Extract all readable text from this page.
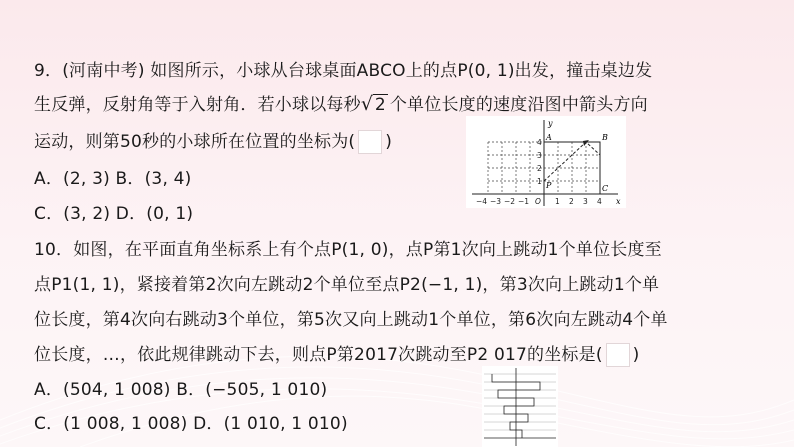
9．(河南中考) 如图所示，小球从台球桌面ABCO上的点P(0, 1)出发，撞击桌边发
生反弹，反射角等于入射角．若小球以每秒√ 2 个单位长度的速度沿图中箭头方向
运动，则第50秒的小球所在位置的坐标为( )
A．(2, 3) B．(3, 4)
C．(3, 2) D．(0, 1)
y
x
A	B
C
P
−4 −3 −2 −1 O 1 2 3 4
1
2
3
4
10．如图，在平面直角坐标系上有个点P(1, 0)，点P第1次向上跳动1个单位长度至
点P1(1, 1)，紧接着第2次向左跳动2个单位至点P2(−1, 1)，第3次向上跳动1个单
位长度，第4次向右跳动3个单位，第5次又向上跳动1个单位，第6次向左跳动4个单
位长度，…，依此规律跳动下去，则点P第2017次跳动至P2 017的坐标是( )
A．(504, 1 008) B．(−505, 1 010)
C．(1 008, 1 008) D．(1 010, 1 010)
